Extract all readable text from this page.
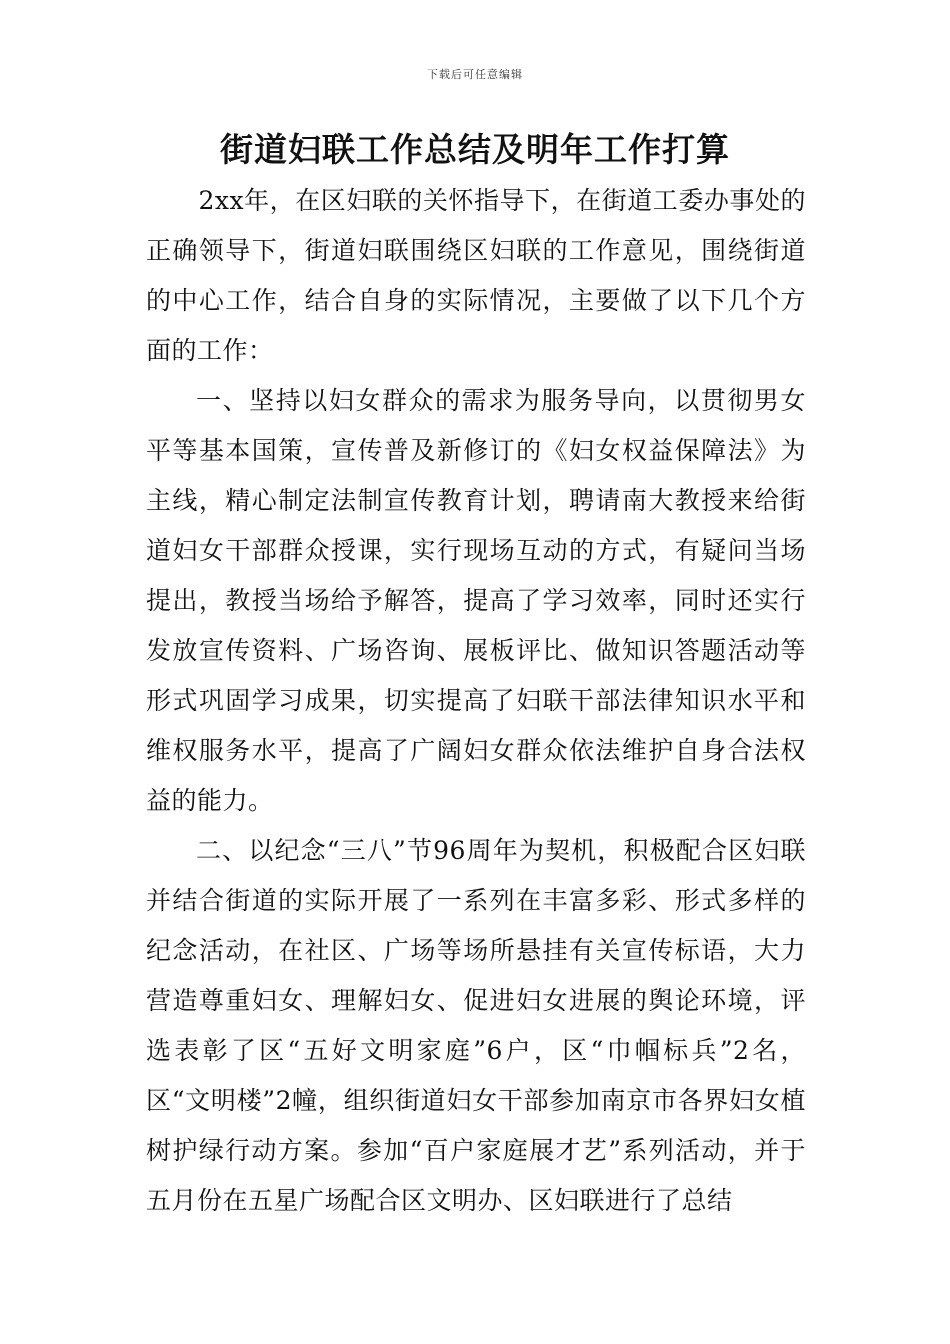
下载后可任意编辑
街道妇联工作总结及明年工作打算

2xx年，在区妇联的关怀指导下，在街道工委办事处的正确领导下，街道妇联围绕区妇联的工作意见，围绕街道的中心工作，结合自身的实际情况，主要做了以下几个方面的工作：

一、坚持以妇女群众的需求为服务导向，以贯彻男女平等基本国策，宣传普及新修订的《妇女权益保障法》为主线，精心制定法制宣传教育计划，聘请南大教授来给街道妇女干部群众授课，实行现场互动的方式，有疑问当场提出，教授当场给予解答，提高了学习效率，同时还实行发放宣传资料、广场咨询、展板评比、做知识答题活动等形式巩固学习成果，切实提高了妇联干部法律知识水平和维权服务水平，提高了广阔妇女群众依法维护自身合法权益的能力。

二、以纪念“三八”节96周年为契机，积极配合区妇联并结合街道的实际开展了一系列在丰富多彩、形式多样的纪念活动，在社区、广场等场所悬挂有关宣传标语，大力营造尊重妇女、理解妇女、促进妇女进展的舆论环境，评选表彰了区“五好文明家庭”6户，区“巾帼标兵”2名，区“文明楼”2幢，组织街道妇女干部参加南京市各界妇女植树护绿行动方案。参加“百户家庭展才艺”系列活动，并于五月份在五星广场配合区文明办、区妇联进行了总结
